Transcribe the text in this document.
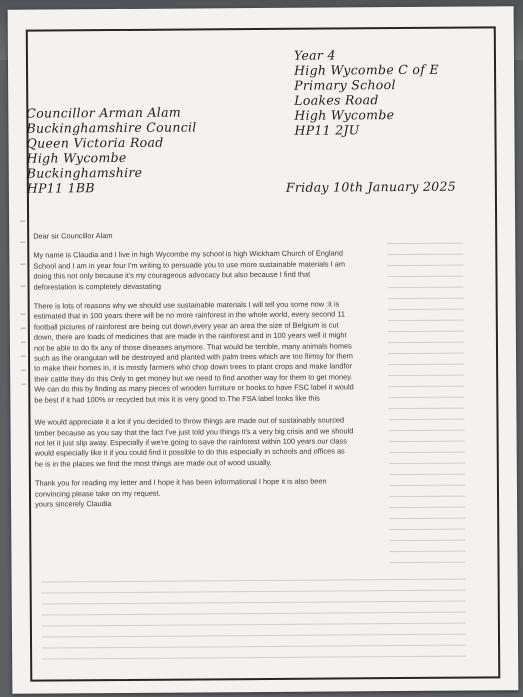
Year 4
High Wycombe C of E
Primary School
Loakes Road
High Wycombe
HP11 2JU
Councillor Arman Alam
Buckinghamshire Council
Queen Victoria Road
High Wycombe
Buckinghamshire
HP11 1BB	Friday 10th January 2025

Dear sir Councillor Alam

My name is Claudia and I live in high Wycombe my school is high Wickham Church of England School and I am in year four I'm writing to persuade you to use more sustainable materials I am doing this not only because it's my courageous advocacy but also because I find that deforestation is completely devastating

There is lots of reasons why we should use sustainable materials I will tell you some now :it is estimated that in 100 years there will be no more rainforest in the whole world, every second 11 football pictures of rainforest are being cut down,every year an area the size of Belgium is cut down, there are loads of medicines that are made in the rainforest and in 100 years well it might not be able to do fix any of those diseases anymore. That would be terrible, many animals homes such as the orangutan will be destroyed and planted with palm trees which are too flimsy for them to make their homes in, it is mostly farmers who chop down trees to plant crops and make landfor their cattle they do this Only to get money but we need to find another way for them to get money. We can do this by finding as many pieces of wooden furniture or books to have FSC label it would be best if it had 100% or recycled but mix it is very good to.The FSA label looks like this

We would appreciate it a lot if you decided to throw things are made out of sustainably sourced timber because as you say that the fact I've just told you things it's a very big crisis and we should not let it just slip away. Especially if we're going to save the rainforest within 100 years.our class would especially like it if you could find it possible to do this especially in schools and offices as he is in the places we find the most things are made out of wood usually.

Thank you for reading my letter and I hope it has been informational I hope it is also been convincing please take on my request.

yours sincerely Claudia
